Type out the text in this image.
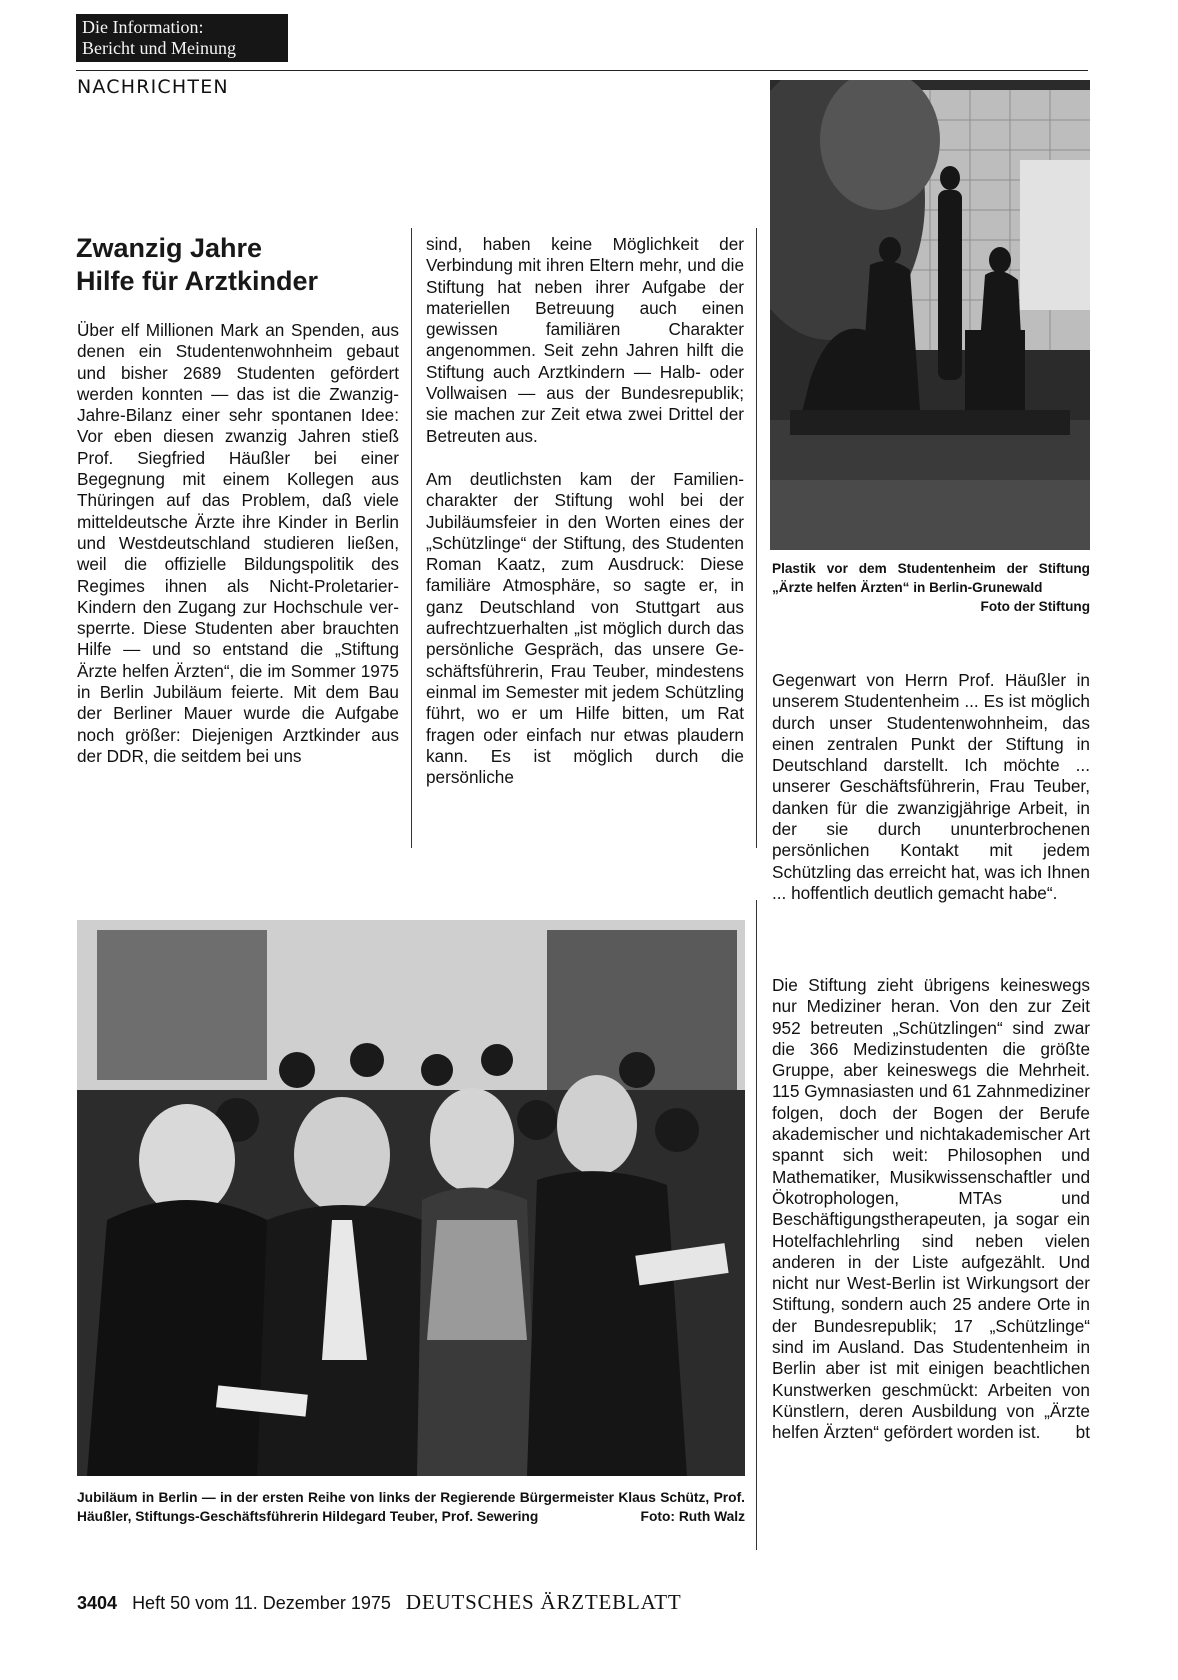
Die Information:
Bericht und Meinung
NACHRICHTEN
Zwanzig Jahre
Hilfe für Arztkinder

Über elf Millionen Mark an Spenden, aus denen ein Studentenwohnheim gebaut und bisher 2689 Studenten gefördert werden konnten — das ist die Zwanzig-Jahre-Bilanz einer sehr spontanen Idee: Vor eben diesen zwanzig Jahren stieß Prof. Siegfried Häußler bei einer Begegnung mit einem Kollegen aus Thüringen auf das Problem, daß viele mitteldeutsche Ärzte ihre Kinder in Berlin und Westdeutschland studieren ließen, weil die offizielle Bildungspolitik des Regimes ihnen als Nicht-Proletarier-Kindern den Zugang zur Hochschule versperrte. Diese Studenten aber brauchten Hilfe — und so entstand die „Stiftung Ärzte helfen Ärzten“, die im Sommer 1975 in Berlin Jubiläum feierte. Mit dem Bau der Berliner Mauer wurde die Aufgabe noch größer: Diejenigen Arztkinder aus der DDR, die seitdem bei uns

sind, haben keine Möglichkeit der Verbindung mit ihren Eltern mehr, und die Stiftung hat neben ihrer Aufgabe der materiellen Betreuung auch einen gewissen familiären Charakter angenommen. Seit zehn Jahren hilft die Stiftung auch Arztkindern — Halb- oder Vollwaisen — aus der Bundesrepublik; sie machen zur Zeit etwa zwei Drittel der Betreuten aus.

Am deutlichsten kam der Familiencharakter der Stiftung wohl bei der Jubiläumsfeier in den Worten eines der „Schützlinge“ der Stiftung, des Studenten Roman Kaatz, zum Ausdruck: Diese familiäre Atmosphäre, so sagte er, in ganz Deutschland von Stuttgart aus aufrechtzuerhalten „ist möglich durch das persönliche Gespräch, das unsere Geschäftsführerin, Frau Teuber, mindestens einmal im Semester mit jedem Schützling führt, wo er um Hilfe bitten, um Rat fragen oder einfach nur etwas plaudern kann. Es ist möglich durch die persönliche

Plastik vor dem Studentenheim der Stiftung „Ärzte helfen Ärzten“ in Berlin-Grunewald
Foto der Stiftung

Gegenwart von Herrn Prof. Häußler in unserem Studentenheim ... Es ist möglich durch unser Studentenwohnheim, das einen zentralen Punkt der Stiftung in Deutschland darstellt. Ich möchte ... unserer Geschäftsführerin, Frau Teuber, danken für die zwanzigjährige Arbeit, in der sie durch ununterbrochenen persönlichen Kontakt mit jedem Schützling das erreicht hat, was ich Ihnen ... hoffentlich deutlich gemacht habe“.

Die Stiftung zieht übrigens keineswegs nur Mediziner heran. Von den zur Zeit 952 betreuten „Schützlingen“ sind zwar die 366 Medizinstudenten die größte Gruppe, aber keineswegs die Mehrheit. 115 Gymnasiasten und 61 Zahnmediziner folgen, doch der Bogen der Berufe akademischer und nichtakademischer Art spannt sich weit: Philosophen und Mathematiker, Musikwissenschaftler und Ökotrophologen, MTAs und Beschäftigungstherapeuten, ja sogar ein Hotelfachlehrling sind neben vielen anderen in der Liste aufgezählt. Und nicht nur West-Berlin ist Wirkungsort der Stiftung, sondern auch 25 andere Orte in der Bundesrepublik; 17 „Schützlinge“ sind im Ausland. Das Studentenheim in Berlin aber ist mit einigen beachtlichen Kunstwerken geschmückt: Arbeiten von Künstlern, deren Ausbildung von „Ärzte helfen Ärzten“ gefördert worden ist. bt

Jubiläum in Berlin — in der ersten Reihe von links der Regierende Bürgermeister Klaus Schütz, Prof. Häußler, Stiftungs-Geschäftsführerin Hildegard Teuber, Prof. Sewering	Foto: Ruth Walz
3404 Heft 50 vom 11. Dezember 1975 DEUTSCHES ÄRZTEBLATT
